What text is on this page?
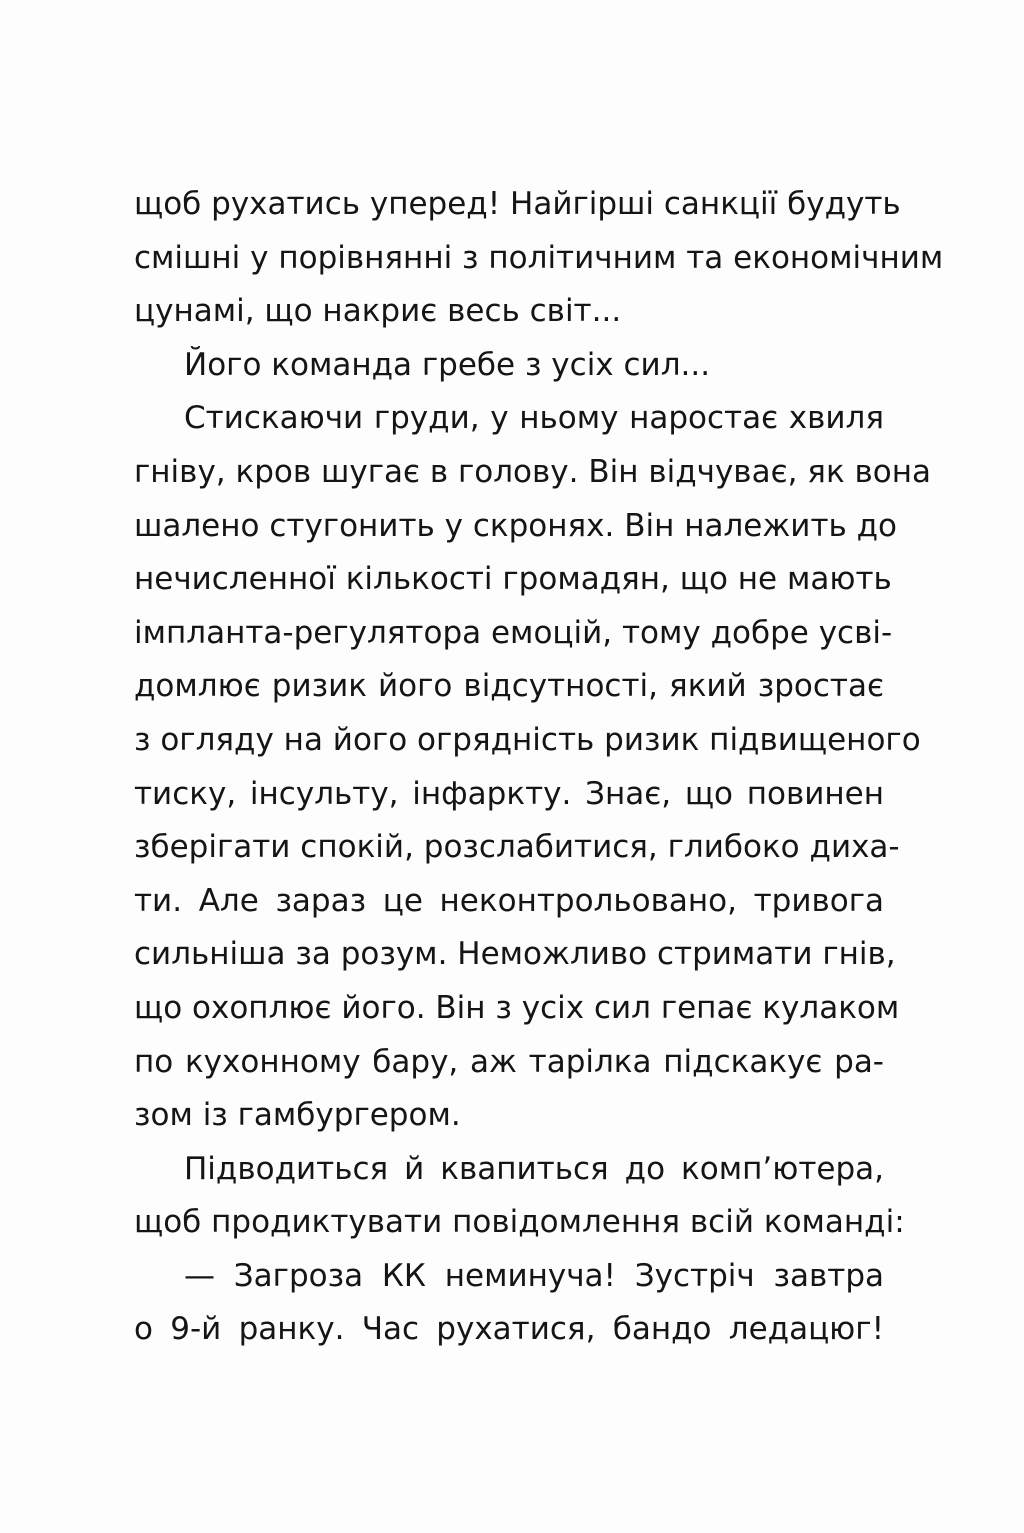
щоб рухатись уперед! Найгірші санкції будуть
смішні у порівнянні з політичним та економічним
цунамі, що накриє весь світ...
Його команда гребе з усіх сил...
Стискаючи груди, у ньому наростає хвиля
гніву, кров шугає в голову. Він відчуває, як вона
шалено стугонить у скронях. Він належить до
нечисленної кількості громадян, що не мають
імпланта-регулятора емоцій, тому добре усві-
домлює ризик його відсутності, який зростає
з огляду на його огрядність ризик підвищеного
тиску, інсульту, інфаркту. Знає, що повинен
зберігати спокій, розслабитися, глибоко диха-
ти. Але зараз це неконтрольовано, тривога
сильніша за розум. Неможливо стримати гнів,
що охоплює його. Він з усіх сил гепає кулаком
по кухонному бару, аж тарілка підскакує ра-
зом із гамбургером.
Підводиться й квапиться до комп’ютера,
щоб продиктувати повідомлення всій команді:
— Загроза КК неминуча! Зустріч завтра
о 9-й ранку. Час рухатися, бандо ледацюг!
